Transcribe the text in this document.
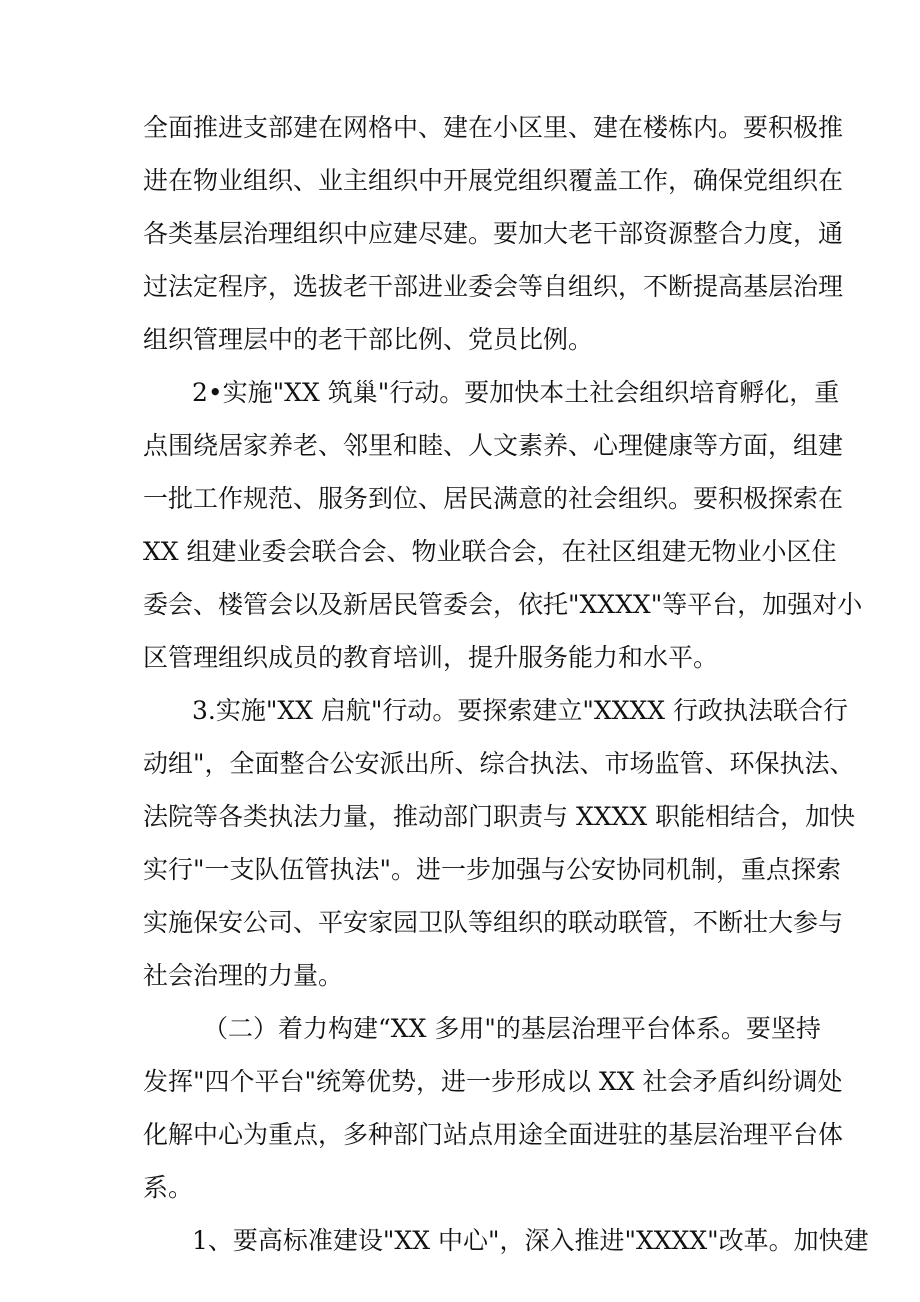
全面推进支部建在网格中、建在小区里、建在楼栋内。要积极推
进在物业组织、业主组织中开展党组织覆盖工作，确保党组织在
各类基层治理组织中应建尽建。要加大老干部资源整合力度，通
过法定程序，选拔老干部进业委会等自组织，不断提高基层治理
组织管理层中的老干部比例、党员比例。
2•实施"XX 筑巢"行动。要加快本土社会组织培育孵化，重
点围绕居家养老、邻里和睦、人文素养、心理健康等方面，组建
一批工作规范、服务到位、居民满意的社会组织。要积极探索在
XX 组建业委会联合会、物业联合会，在社区组建无物业小区住
委会、楼管会以及新居民管委会，依托"XXXX"等平台，加强对小
区管理组织成员的教育培训，提升服务能力和水平。
3.实施"XX 启航"行动。要探索建立"XXXX 行政执法联合行
动组"，全面整合公安派出所、综合执法、市场监管、环保执法、
法院等各类执法力量，推动部门职责与 XXXX 职能相结合，加快
实行"一支队伍管执法"。进一步加强与公安协同机制，重点探索
实施保安公司、平安家园卫队等组织的联动联管，不断壮大参与
社会治理的力量。
（二）着力构建“XX 多用"的基层治理平台体系。要坚持
发挥"四个平台"统筹优势，进一步形成以 XX 社会矛盾纠纷调处
化解中心为重点，多种部门站点用途全面进驻的基层治理平台体
系。
1、要高标准建设"XX 中心"，深入推进"XXXX"改革。加快建
